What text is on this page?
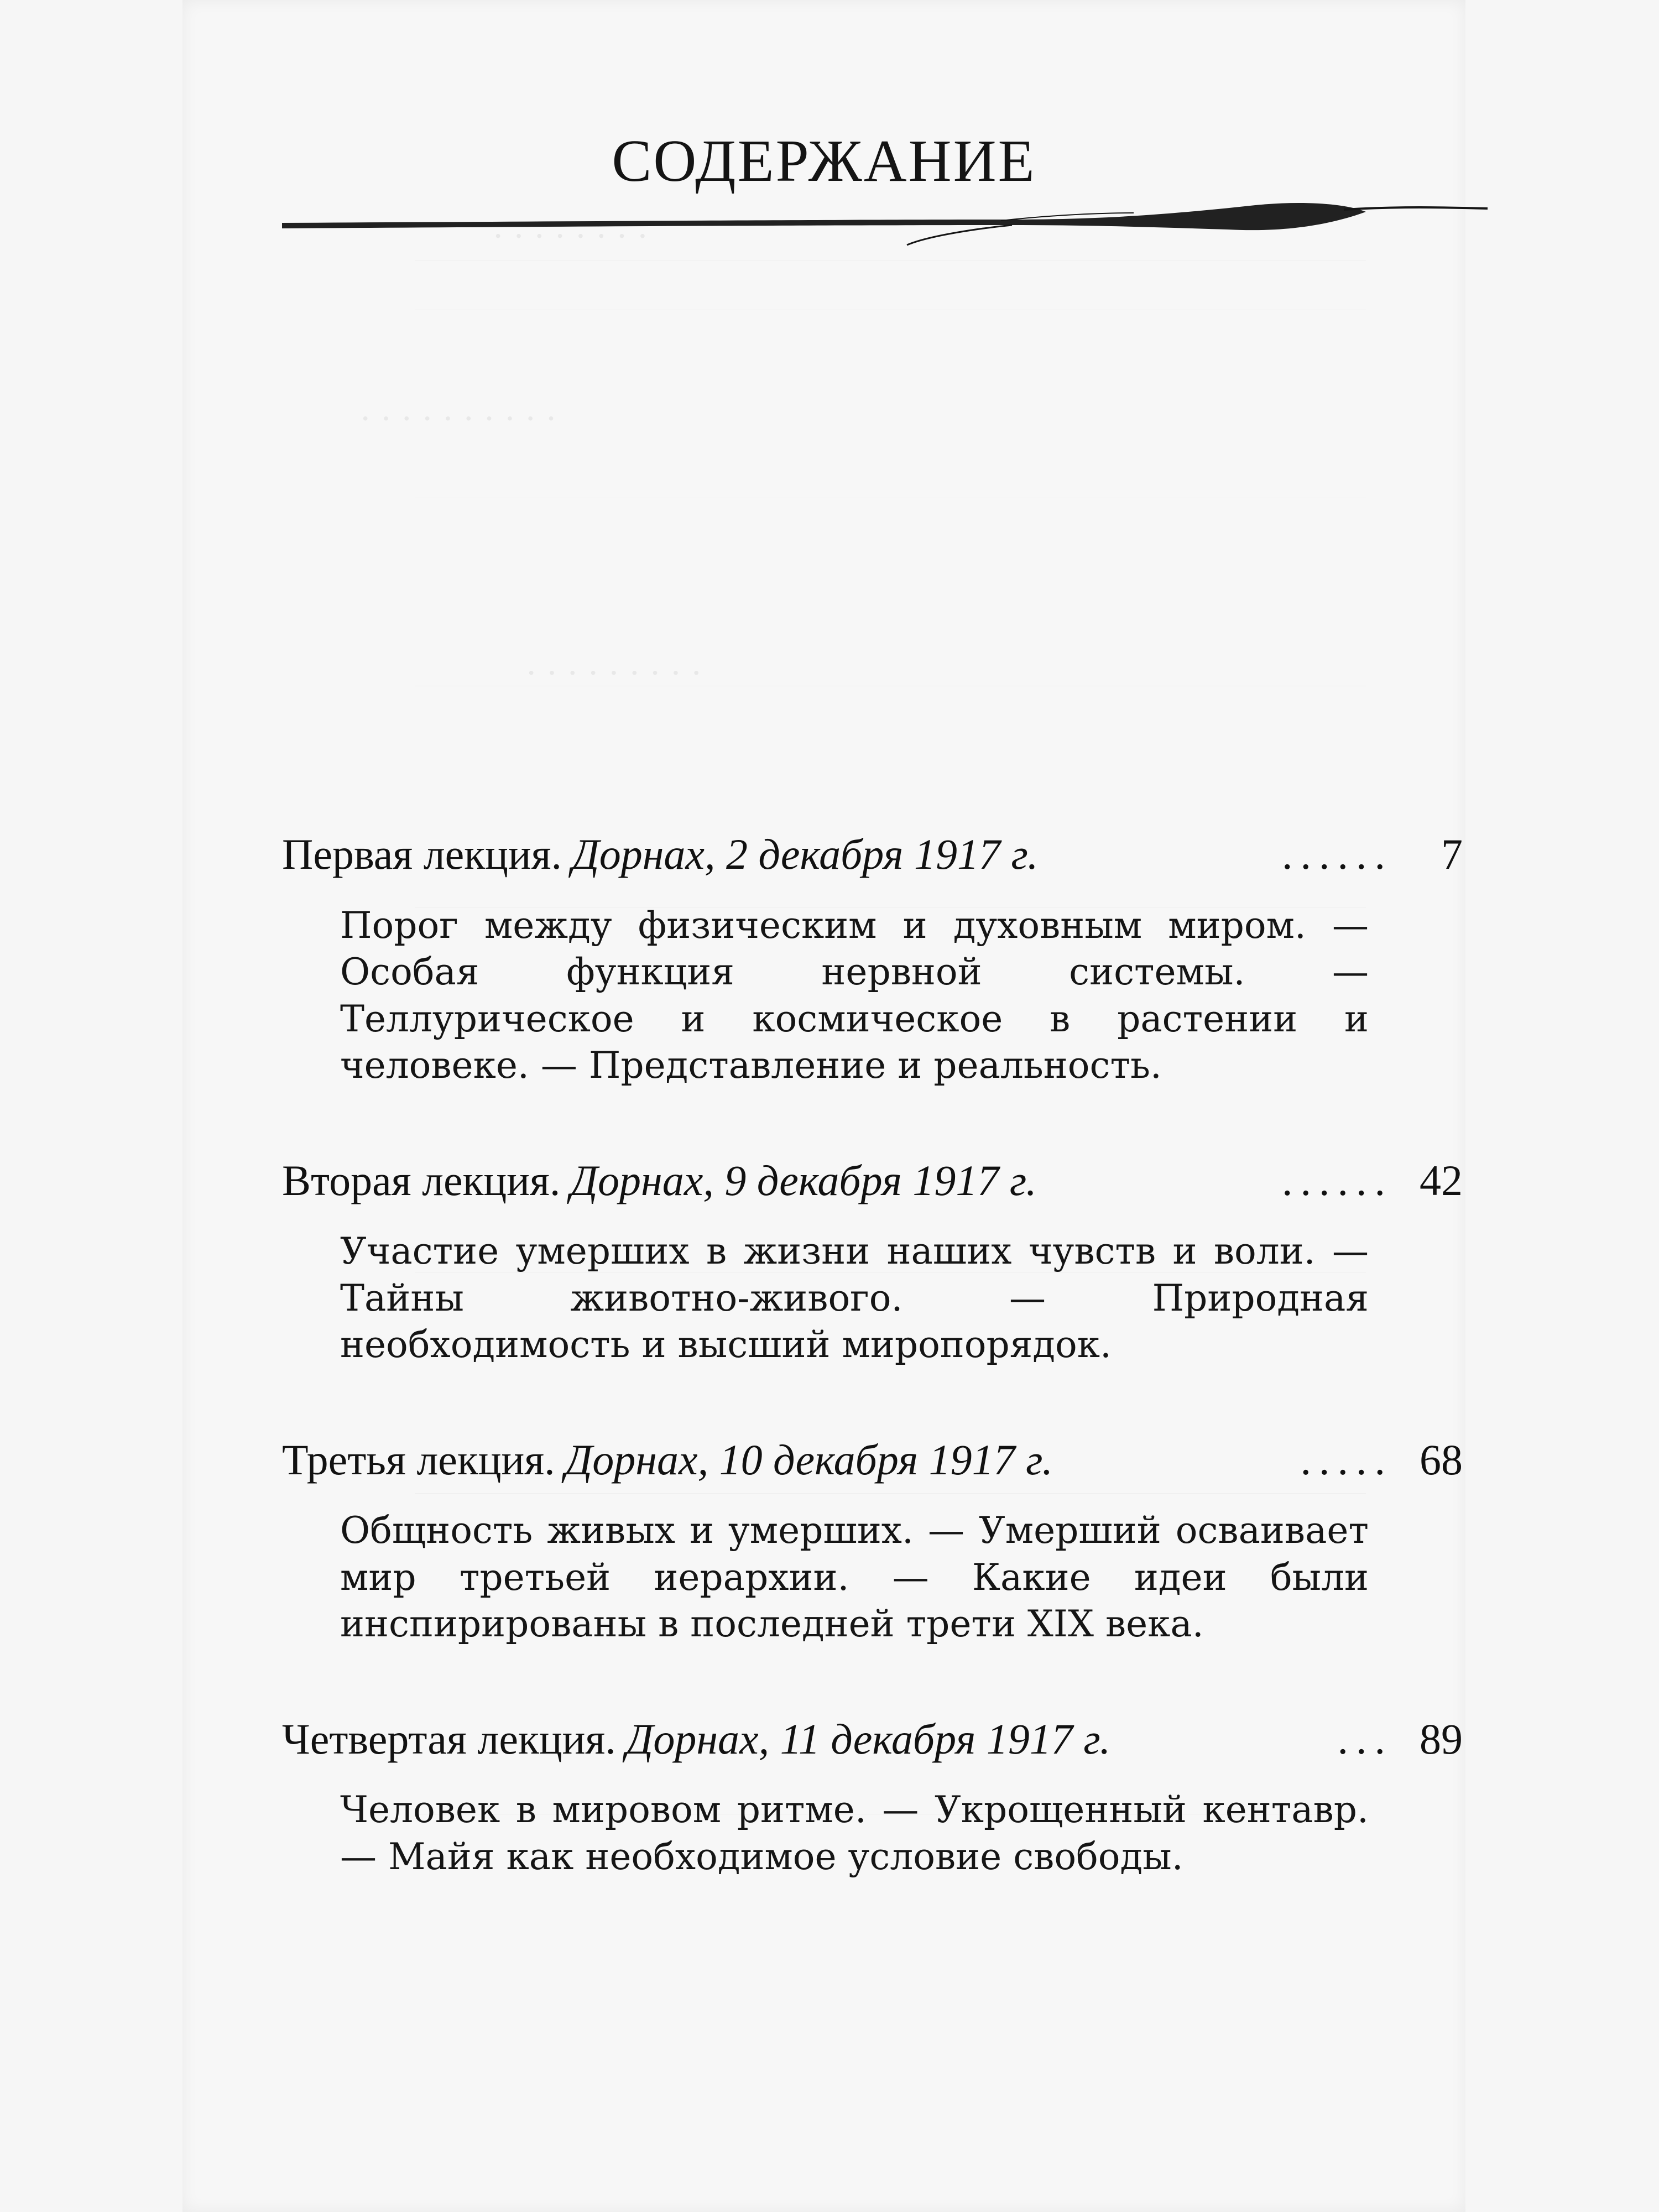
· · · · · · · ·
· · · · · · · · · ·
· · · · · · · · ·
СОДЕРЖАНИЕ
Первая лекция. Дорнах, 2 декабря 1917 г.	......	7
Порог между физическим и духовным миром. — Особая функция нервной системы. — Теллурическое и космическое в растении и человеке. — Представление и реальность.
Вторая лекция. Дорнах, 9 декабря 1917 г.	...... 42
Участие умерших в жизни наших чувств и воли. — Тайны животно-живого. — Природная необходимость и высший миропорядок.
Третья лекция. Дорнах, 10 декабря 1917 г.	..... 68
Общность живых и умерших. — Умерший осваивает мир третьей иерархии. — Какие идеи были инспирированы в последней трети XIX века.
Четвертая лекция. Дорнах, 11 декабря 1917 г.	... 89
Человек в мировом ритме. — Укрощенный кентавр. — Майя как необходимое условие свободы.
